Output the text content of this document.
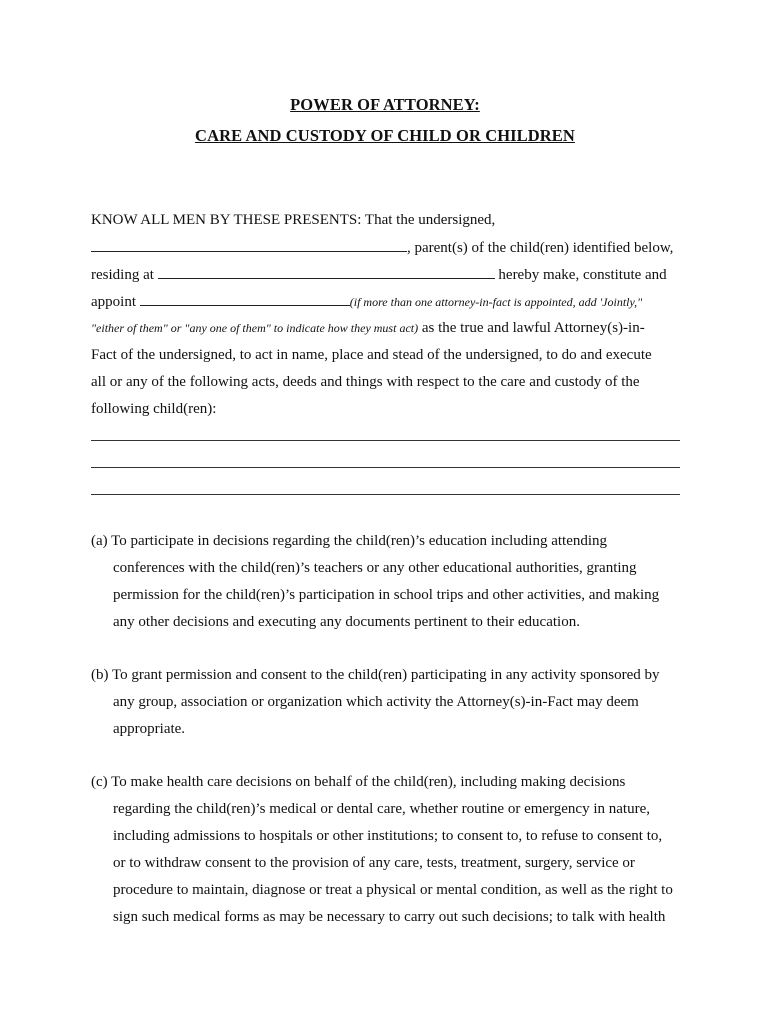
POWER OF ATTORNEY:
CARE AND CUSTODY OF CHILD OR CHILDREN
KNOW ALL MEN BY THESE PRESENTS: That the undersigned,
, parent(s) of the child(ren) identified below,
residing at	hereby make, constitute and
appoint	(if more than one attorney-in-fact is appointed, add 'Jointly,"
"either of them" or "any one of them" to indicate how they must act) as the true and lawful Attorney(s)-in-
Fact of the undersigned, to act in name, place and stead of the undersigned, to do and execute
all or any of the following acts, deeds and things with respect to the care and custody of the
following child(ren):
(a) To participate in decisions regarding the child(ren)’s education including attending
conferences with the child(ren)’s teachers or any other educational authorities, granting
permission for the child(ren)’s participation in school trips and other activities, and making
any other decisions and executing any documents pertinent to their education.
(b) To grant permission and consent to the child(ren) participating in any activity sponsored by
any group, association or organization which activity the Attorney(s)-in-Fact may deem
appropriate.
(c) To make health care decisions on behalf of the child(ren), including making decisions
regarding the child(ren)’s medical or dental care, whether routine or emergency in nature,
including admissions to hospitals or other institutions; to consent to, to refuse to consent to,
or to withdraw consent to the provision of any care, tests, treatment, surgery, service or
procedure to maintain, diagnose or treat a physical or mental condition, as well as the right to
sign such medical forms as may be necessary to carry out such decisions; to talk with health
